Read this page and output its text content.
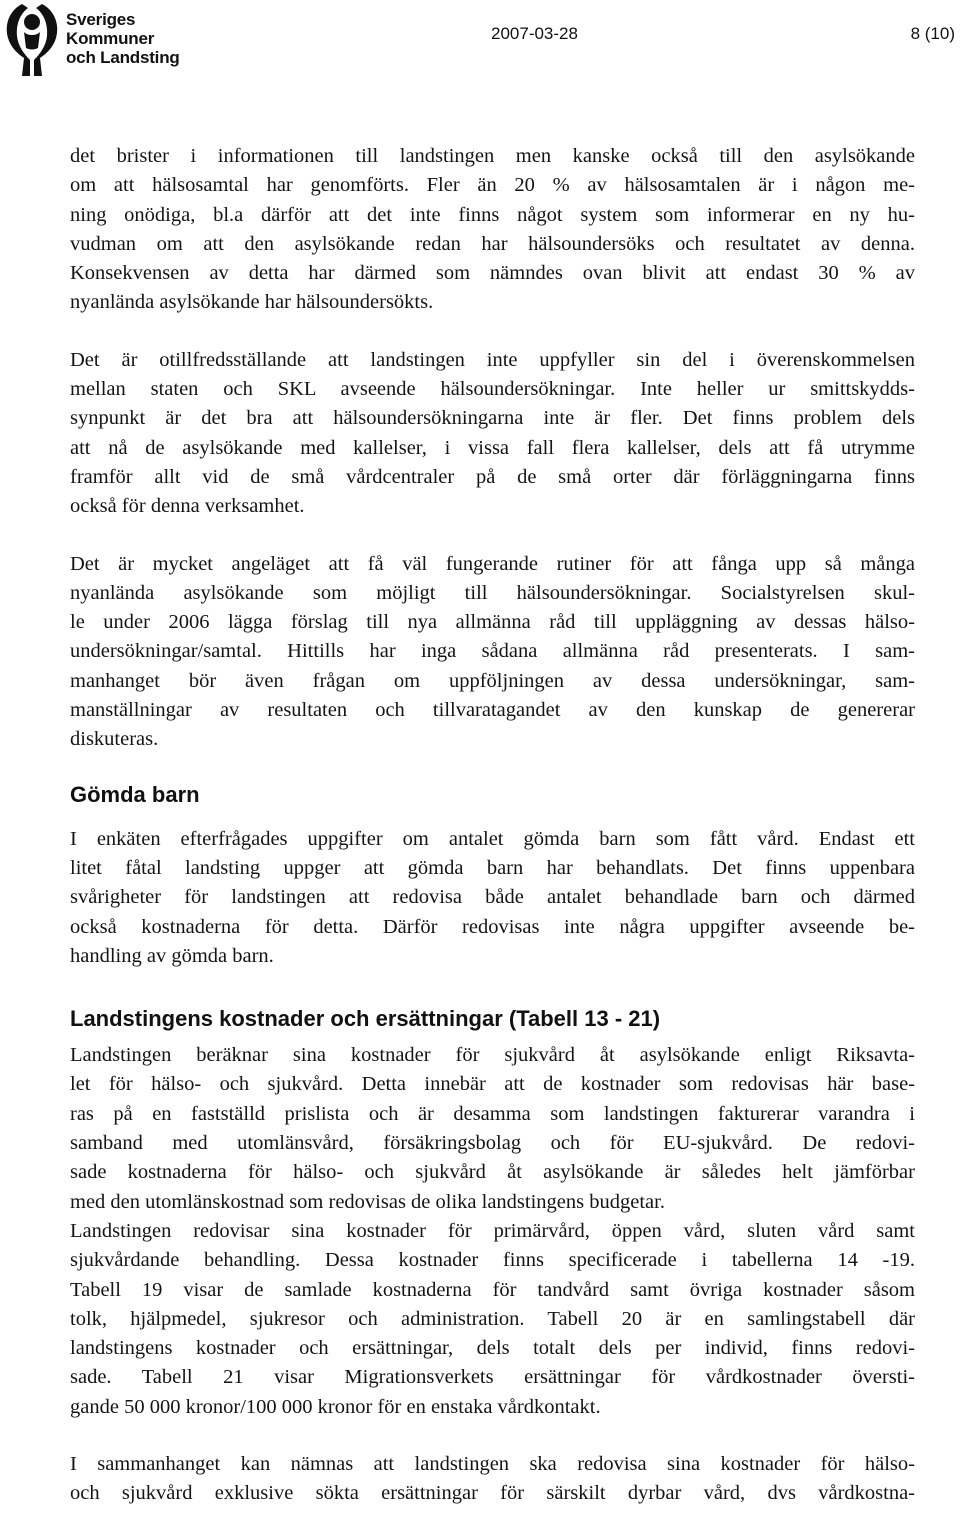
Sveriges
Kommuner
och Landsting
2007-03-28	8 (10)

det brister i informationen till landstingen men kanske också till den asylsökande
om att hälsosamtal har genomförts. Fler än 20 % av hälsosamtalen är i någon me-
ning onödiga, bl.a därför att det inte finns något system som informerar en ny hu-
vudman om att den asylsökande redan har hälsoundersöks och resultatet av denna.
Konsekvensen av detta har därmed som nämndes ovan blivit att endast 30 % av
nyanlända asylsökande har hälsoundersökts.

Det är otillfredsställande att landstingen inte uppfyller sin del i överenskommelsen
mellan staten och SKL avseende hälsoundersökningar. Inte heller ur smittskydds-
synpunkt är det bra att hälsoundersökningarna inte är fler. Det finns problem dels
att nå de asylsökande med kallelser, i vissa fall flera kallelser, dels att få utrymme
framför allt vid de små vårdcentraler på de små orter där förläggningarna finns
också för denna verksamhet.

Det är mycket angeläget att få väl fungerande rutiner för att fånga upp så många
nyanlända asylsökande som möjligt till hälsoundersökningar. Socialstyrelsen skul-
le under 2006 lägga förslag till nya allmänna råd till uppläggning av dessas hälso-
undersökningar/samtal. Hittills har inga sådana allmänna råd presenterats. I sam-
manhanget bör även frågan om uppföljningen av dessa undersökningar, sam-
manställningar av resultaten och tillvaratagandet av den kunskap de genererar
diskuteras.

Gömda barn

I enkäten efterfrågades uppgifter om antalet gömda barn som fått vård. Endast ett
litet fåtal landsting uppger att gömda barn har behandlats. Det finns uppenbara
svårigheter för landstingen att redovisa både antalet behandlade barn och därmed
också kostnaderna för detta. Därför redovisas inte några uppgifter avseende be-
handling av gömda barn.

Landstingens kostnader och ersättningar (Tabell 13 - 21)

Landstingen beräknar sina kostnader för sjukvård åt asylsökande enligt Riksavta-
let för hälso- och sjukvård. Detta innebär att de kostnader som redovisas här base-
ras på en fastställd prislista och är desamma som landstingen fakturerar varandra i
samband med utomlänsvård, försäkringsbolag och för EU-sjukvård. De redovi-
sade kostnaderna för hälso- och sjukvård åt asylsökande är således helt jämförbar
med den utomlänskostnad som redovisas de olika landstingens budgetar.
Landstingen redovisar sina kostnader för primärvård, öppen vård, sluten vård samt
sjukvårdande behandling. Dessa kostnader finns specificerade i tabellerna 14 -19.
Tabell 19 visar de samlade kostnaderna för tandvård samt övriga kostnader såsom
tolk, hjälpmedel, sjukresor och administration. Tabell 20 är en samlingstabell där
landstingens kostnader och ersättningar, dels totalt dels per individ, finns redovi-
sade. Tabell 21 visar Migrationsverkets ersättningar för vårdkostnader översti-
gande 50 000 kronor/100 000 kronor för en enstaka vårdkontakt.

I sammanhanget kan nämnas att landstingen ska redovisa sina kostnader för hälso-
och sjukvård exklusive sökta ersättningar för särskilt dyrbar vård, dvs vårdkostna-
